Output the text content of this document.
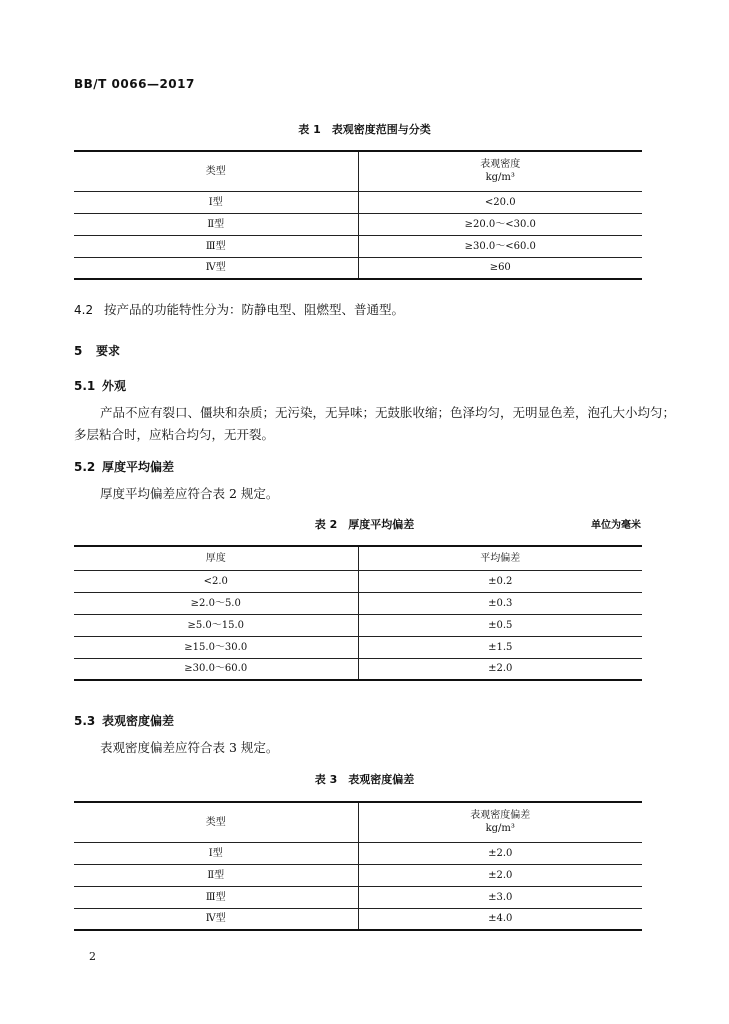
BB/T 0066—2017
表 1　表观密度范围与分类
类型	表观密度
kg/m³

Ⅰ型	<20.0
Ⅱ型	≥20.0～<30.0
Ⅲ型	≥30.0～<60.0
Ⅳ型	≥60
4.2 按产品的功能特性分为：防静电型、阻燃型、普通型。
5 要求
5.1 外观
产品不应有裂口、僵块和杂质；无污染，无异味；无鼓胀收缩；色泽均匀，无明显色差，泡孔大小均匀；
多层粘合时，应粘合均匀，无开裂。
5.2 厚度平均偏差
厚度平均偏差应符合表 2 规定。
表 2　厚度平均偏差	单位为毫米
厚度	平均偏差
<2.0	±0.2
≥2.0～5.0	±0.3
≥5.0～15.0	±0.5
≥15.0～30.0	±1.5
≥30.0～60.0	±2.0
5.3 表观密度偏差
表观密度偏差应符合表 3 规定。
表 3　表观密度偏差
类型	表观密度偏差
kg/m³

Ⅰ型	±2.0
Ⅱ型	±2.0
Ⅲ型	±3.0
Ⅳ型	±4.0
2
